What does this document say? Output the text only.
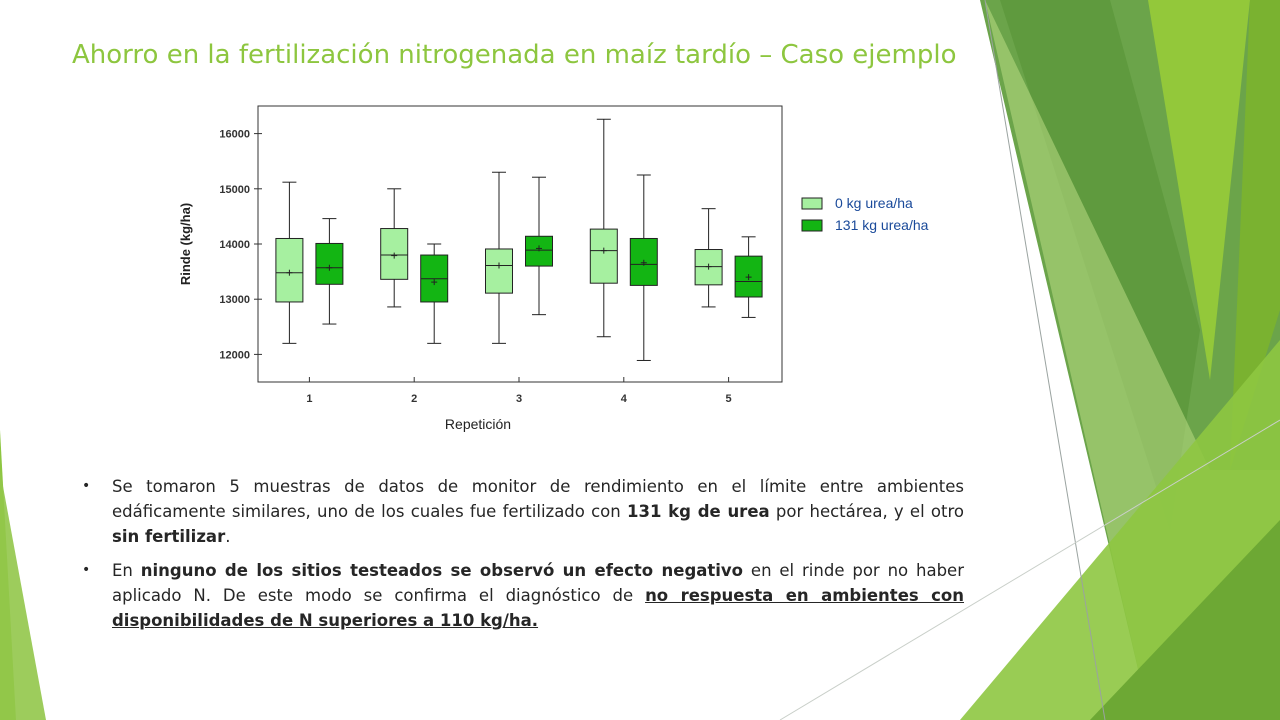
Ahorro en la fertilización nitrogenada en maíz tardío – Caso ejemplo
12000
13000
14000
15000
16000
1	2	3	4	5
Repetición
Rinde (kg/ha)	0 kg urea/ha
131 kg urea/ha
• Se tomaron 5 muestras de datos de monitor de rendimiento en el límite entre ambientes edáficamente similares, uno de los cuales fue fertilizado con 131 kg de urea por hectárea, y el otro sin fertilizar.
• En ninguno de los sitios testeados se observó un efecto negativo en el rinde por no haber aplicado N. De este modo se confirma el diagnóstico de no respuesta en ambientes con disponibilidades de N superiores a 110 kg/ha.
